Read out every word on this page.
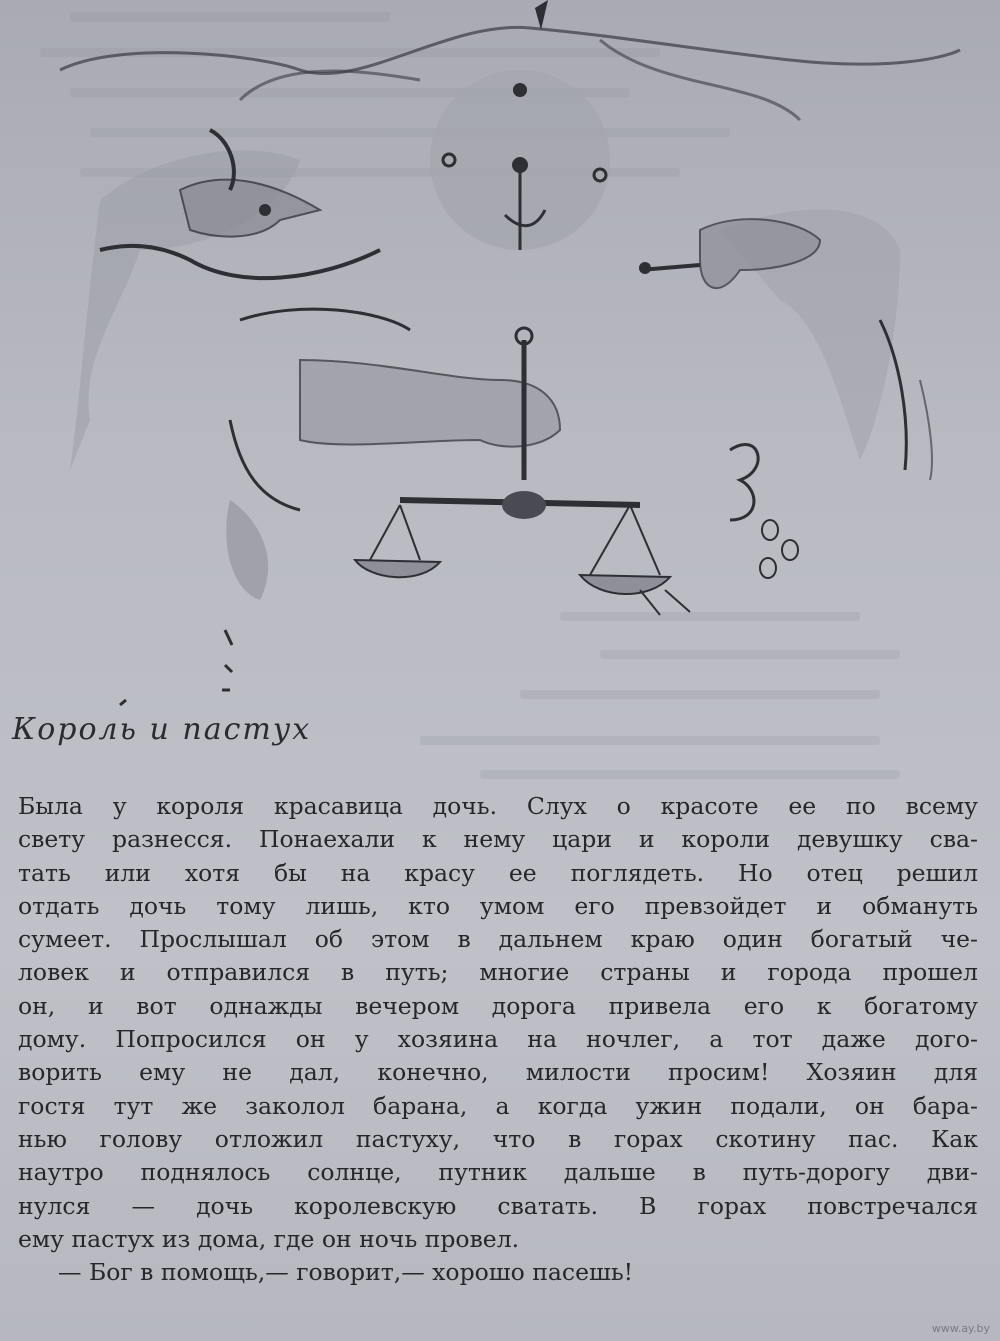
Король и пастух
Была у короля красавица дочь. Слух о красоте ее по всему
свету разнесся. Понаехали к нему цари и короли девушку сва-
тать или хотя бы на красу ее поглядеть. Но отец решил
отдать дочь тому лишь, кто умом его превзойдет и обмануть
сумеет. Прослышал об этом в дальнем краю один богатый че-
ловек и отправился в путь; многие страны и города прошел
он, и вот однажды вечером дорога привела его к богатому
дому. Попросился он у хозяина на ночлег, а тот даже дого-
ворить ему не дал, конечно, милости просим! Хозяин для
гостя тут же заколол барана, а когда ужин подали, он бара-
нью голову отложил пастуху, что в горах скотину пас. Как
наутро поднялось солнце, путник дальше в путь-дорогу дви-
нулся — дочь королевскую сватать. В горах повстречался
ему пастух из дома, где он ночь провел.
— Бог в помощь,— говорит,— хорошо пасешь!
www.ay.by
